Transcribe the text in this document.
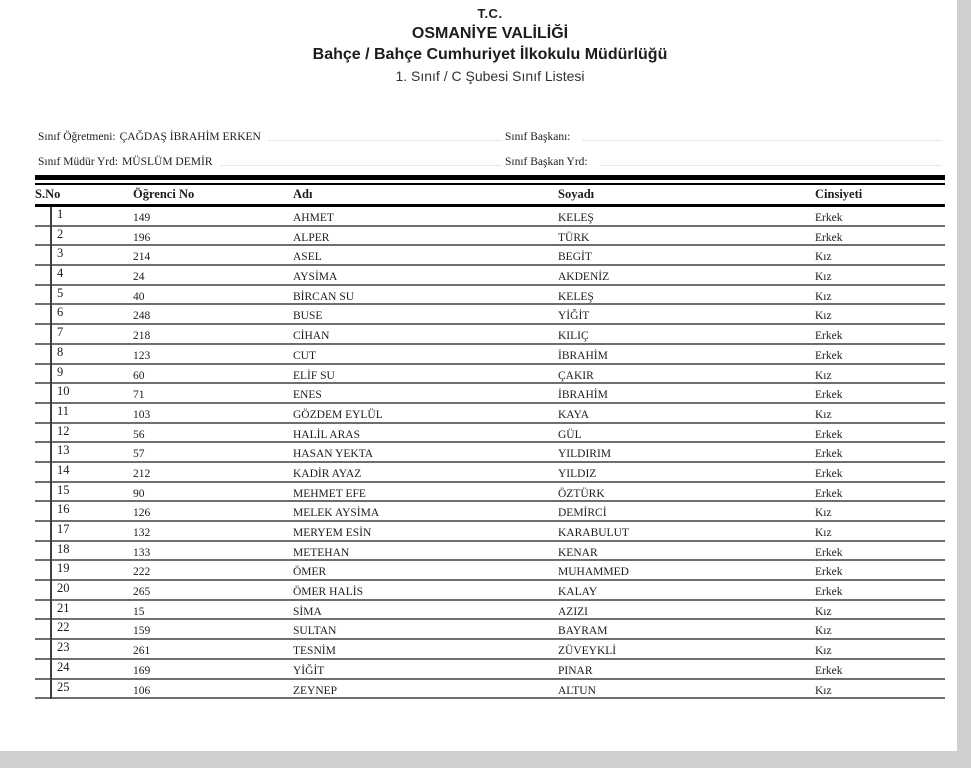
T.C.
OSMANİYE VALİLİĞİ
Bahçe / Bahçe Cumhuriyet İlkokulu Müdürlüğü
1. Sınıf / C Şubesi Sınıf Listesi
Sınıf Öğretmeni: ÇAĞDAŞ İBRAHİM ERKEN	Sınıf Başkanı:
Sınıf Müdür Yrd: MÜSLÜM DEMİR	Sınıf Başkan Yrd:
S.No	Öğrenci No	Adı	Soyadı	Cinsiyeti
1	149	AHMET	KELEŞ	Erkek
2	196	ALPER	TÜRK	Erkek
3	214	ASEL	BEGİT	Kız
4	24	AYSİMA	AKDENİZ	Kız
5	40	BİRCAN SU	KELEŞ	Kız
6	248	BUSE	YİĞİT	Kız
7	218	CİHAN	KILIÇ	Erkek
8	123	CUT	İBRAHİM	Erkek
9	60	ELİF SU	ÇAKIR	Kız
10	71	ENES	İBRAHİM	Erkek
11	103	GÖZDEM EYLÜL	KAYA	Kız
12	56	HALİL ARAS	GÜL	Erkek
13	57	HASAN YEKTA	YILDIRIM	Erkek
14	212	KADİR AYAZ	YILDIZ	Erkek
15	90	MEHMET EFE	ÖZTÜRK	Erkek
16	126	MELEK AYSİMA	DEMİRCİ	Kız
17	132	MERYEM ESİN	KARABULUT	Kız
18	133	METEHAN	KENAR	Erkek
19	222	ÖMER	MUHAMMED	Erkek
20	265	ÖMER HALİS	KALAY	Erkek
21	15	SİMA	AZIZI	Kız
22	159	SULTAN	BAYRAM	Kız
23	261	TESNİM	ZÜVEYKLİ	Kız
24	169	YİĞİT	PINAR	Erkek
25	106	ZEYNEP	ALTUN	Kız
